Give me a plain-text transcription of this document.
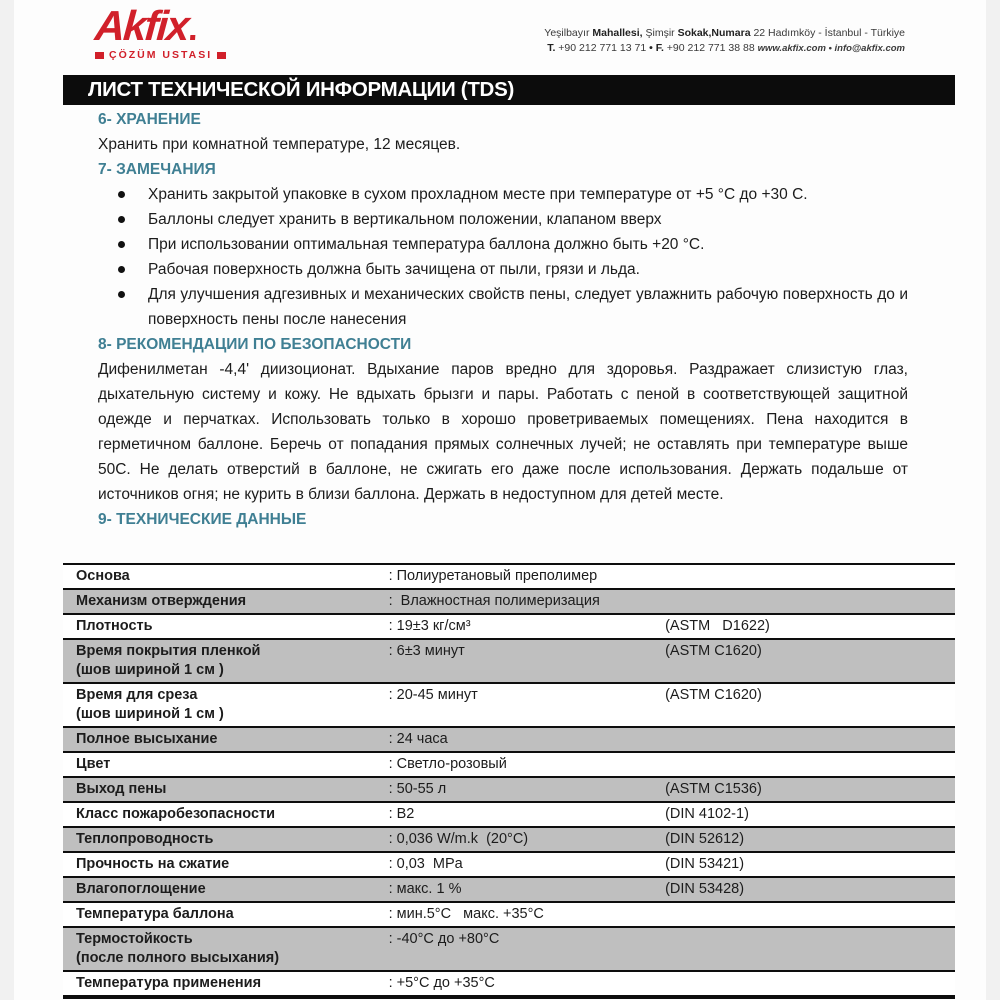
Akfix
ÇÖZÜM USTASI
Yeşilbayır Mahallesi, Şimşir Sokak,Numara 22 Hadımköy - İstanbul - Türkiye
T. +90 212 771 13 71 • F. +90 212 771 38 88 www.akfix.com • info@akfix.com
ЛИСТ ТЕХНИЧЕСКОЙ ИНФОРМАЦИИ (TDS)

6- ХРАНЕНИЕ

Хранить при комнатной температуре, 12 месяцев.

7- ЗАМЕЧАНИЯ

Хранить закрытой упаковке в сухом прохладном месте при температуре от +5 °C до +30 C.
Баллоны следует хранить в вертикальном положении, клапаном вверх
При использовании оптимальная температура баллона должно быть +20 °C.
Рабочая поверхность должна быть зачищена от пыли, грязи и льда.
Для улучшения адгезивных и механических свойств пены, следует увлажнить рабочую поверхность до и поверхность пены после нанесения

8- РЕКОМЕНДАЦИИ ПО БЕЗОПАСНОСТИ

Дифенилметан -4,4' диизоционат. Вдыхание паров вредно для здоровья. Раздражает слизистую глаз, дыхательную систему и кожу. Не вдыхать брызги и пары. Работать с пеной в соответствующей защитной одежде и перчатках. Использовать только в хорошо проветриваемых помещениях. Пена находится в герметичном баллоне. Беречь от попадания прямых солнечных лучей; не оставлять при температуре выше 50C. Не делать отверстий в баллоне, не сжигать его даже после использования. Держать подальше от источников огня; не курить в близи баллона. Держать в недоступном для детей месте.

9- ТЕХНИЧЕСКИЕ ДАННЫЕ

Основа	: Полиуретановый преполимер
Механизм отверждения	:  Влажностная полимеризация
Плотность	: 19±3 кг/см³	(ASTM   D1622)
Время покрытия пленкой
(шов шириной 1 см )
: 6±3 минут	(ASTM C1620)
Время для среза
(шов шириной 1 см )
: 20-45 минут	(ASTM C1620)
Полное высыхание	: 24 часа
Цвет	: Светло-розовый
Выход пены	: 50-55 л	(ASTM C1536)
Класс пожаробезопасности	: B2	(DIN 4102-1)
Теплопроводность	: 0,036 W/m.k  (20°C)	(DIN 52612)
Прочность на сжатие	: 0,03  MPa	(DIN 53421)
Влагопоглощение	: макс. 1 %	(DIN 53428)
Температура баллона	: мин.5°C   макс. +35°C
Термостойкость
(после полного высыхания)
: -40°C до +80°C
Температура применения	: +5°C до +35°C
